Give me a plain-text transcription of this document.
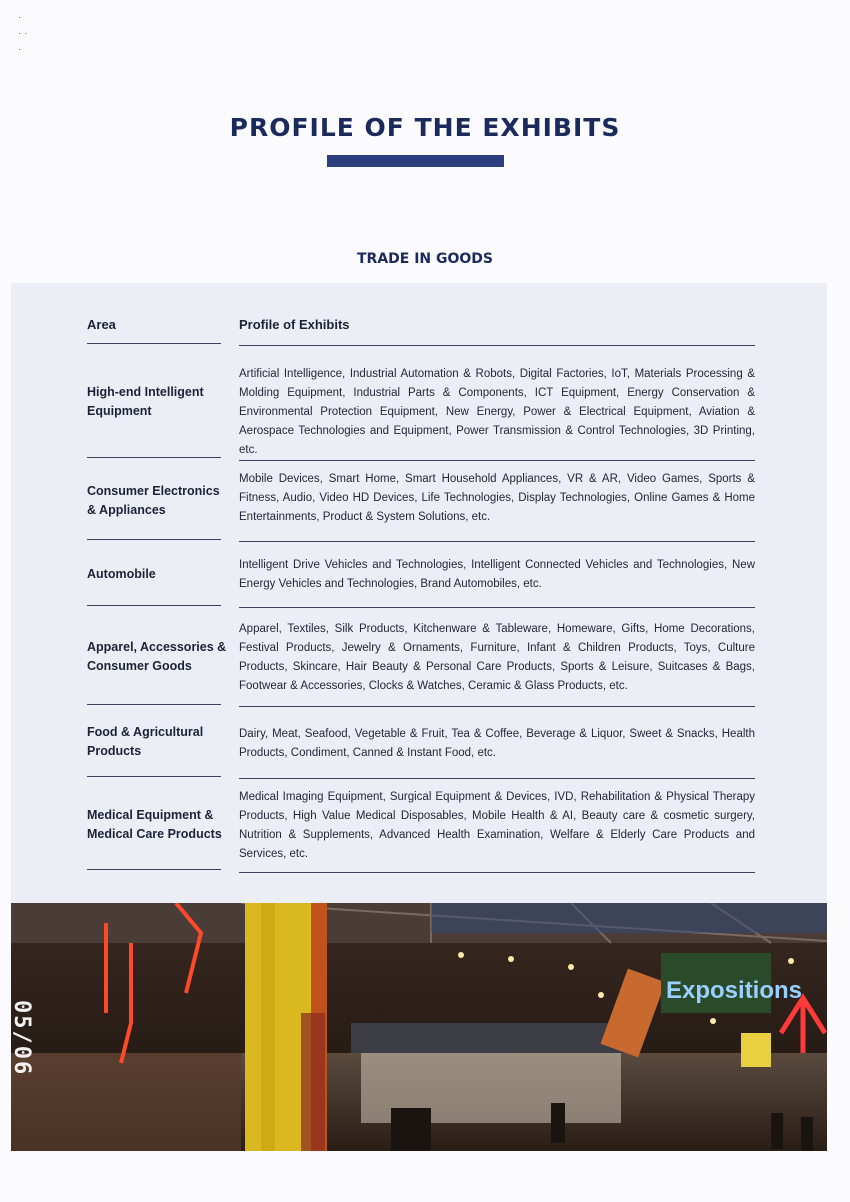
·
· ·
·
PROFILE OF THE EXHIBITS
TRADE IN GOODS
Area	Profile of Exhibits
High-end Intelligent Equipment
Artificial Intelligence, Industrial Automation & Robots, Digital Factories, IoT, Materials Processing & Molding Equipment, Industrial Parts & Components, ICT Equipment, Energy Conservation & Environmental Protection Equipment, New Energy, Power & Electrical Equipment, Aviation & Aerospace Technologies and Equipment, Power Transmission & Control Technologies, 3D Printing, etc.
Consumer Electronics & Appliances
Mobile Devices, Smart Home, Smart Household Appliances, VR & AR, Video Games, Sports & Fitness, Audio, Video HD Devices, Life Technologies, Display Technologies, Online Games & Home Entertainments, Product & System Solutions, etc.
Automobile
Intelligent Drive Vehicles and Technologies, Intelligent Connected Vehicles and Technologies, New Energy Vehicles and Technologies, Brand Automobiles, etc.
Apparel, Accessories & Consumer Goods
Apparel, Textiles, Silk Products, Kitchenware & Tableware, Homeware, Gifts, Home Decorations, Festival Products, Jewelry & Ornaments, Furniture, Infant & Children Products, Toys, Culture Products, Skincare, Hair Beauty & Personal Care Products, Sports & Leisure, Suitcases & Bags, Footwear & Accessories, Clocks & Watches, Ceramic & Glass Products, etc.
Food & Agricultural Products
Dairy, Meat, Seafood, Vegetable & Fruit, Tea & Coffee, Beverage & Liquor, Sweet & Snacks, Health Products, Condiment, Canned & Instant Food, etc.
Medical Equipment & Medical Care Products
Medical Imaging Equipment, Surgical Equipment & Devices, IVD, Rehabilitation & Physical Therapy Products, High Value Medical Disposables, Mobile Health & AI, Beauty care & cosmetic surgery, Nutrition & Supplements, Advanced Health Examination, Welfare & Elderly Care Products and Services, etc.
Expositions
05/06
